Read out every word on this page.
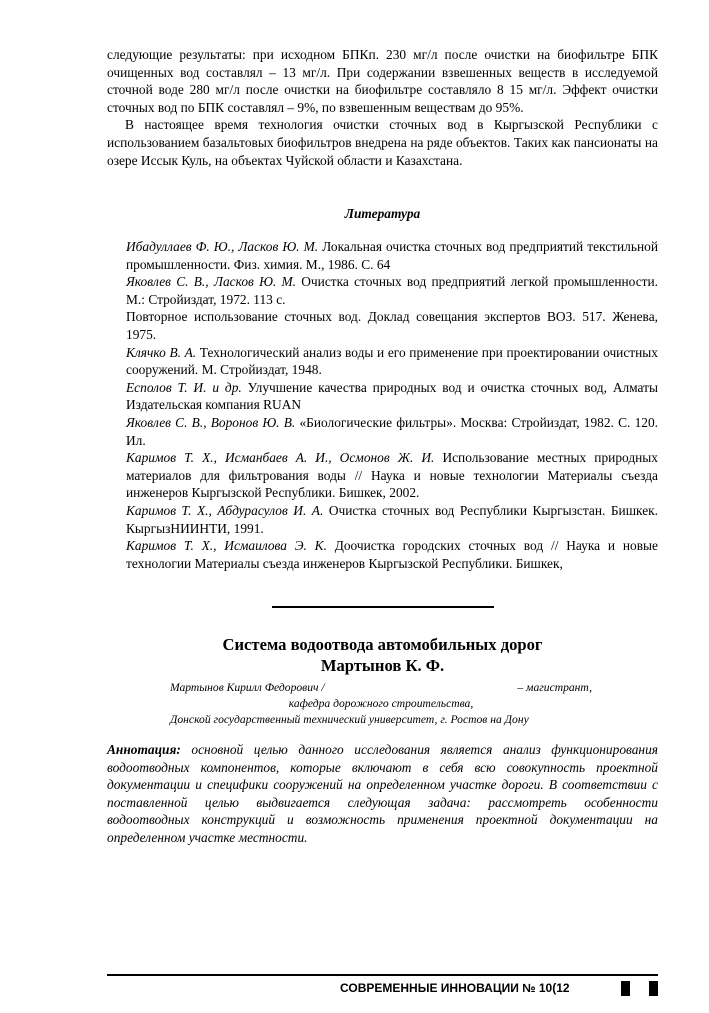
следующие результаты: при исходном БПКп. 230 мг/л после очистки на биофильтре БПК очищенных вод составлял – 13 мг/л. При содержании взвешенных веществ в исследуемой сточной воде 280 мг/л после очистки на биофильтре составляло 8 15 мг/л. Эффект очистки сточных вод по БПК составлял – 9%, по взвешенным веществам до 95%.

В настоящее время технология очистки сточных вод в Кыргызской Республики с использованием базальтовых биофильтров внедрена на ряде объектов. Таких как пансионаты на озере Иссык Куль, на объектах Чуйской области и Казахстана.

Литература

Ибадуллаев Ф. Ю., Ласков Ю. М. Локальная очистка сточных вод предприятий текстильной промышленности. Физ. химия. М., 1986. С. 64

Яковлев С. В., Ласков Ю. М. Очистка сточных вод предприятий легкой промышленности. М.: Стройиздат, 1972. 113 с.

Повторное использование сточных вод. Доклад совещания экспертов ВОЗ. 517. Женева, 1975.

Клячко В. А. Технологический анализ воды и его применение при проектировании очистных сооружений. М. Стройиздат, 1948.

Есполов Т. И. и др. Улучшение качества природных вод и очистка сточных вод, Алматы Издательская компания RUAN

Яковлев С. В., Воронов Ю. В. «Биологические фильтры». Москва: Стройиздат, 1982. С. 120. Ил.

Каримов Т. Х., Исманбаев А. И., Осмонов Ж. И. Использование местных природных материалов для фильтрования воды // Наука и новые технологии Материалы съезда инженеров Кыргызской Республики. Бишкек, 2002.

Каримов Т. Х., Абдурасулов И. А. Очистка сточных вод Республики Кыргызстан. Бишкек. КыргызНИИНТИ, 1991.

Каримов Т. Х., Исмаилова Э. К. Доочистка городских сточных вод // Наука и новые технологии Материалы съезда инженеров Кыргызской Республики. Бишкек,

Система водоотвода автомобильных дорог
Мартынов К. Ф.
Мартынов Кирилл Федорович /	– магистрант,
кафедра дорожного строительства,
Донской государственный технический университет, г. Ростов на Дону
Аннотация: основной целью данного исследования является анализ функционирования водоотводных компонентов, которые включают в себя всю совокупность проектной документации и специфики сооружений на определенном участке дороги. В соответствии с поставленной целью выдвигается следующая задача: рассмотреть особенности водоотводных конструкций и возможность применения проектной документации на определенном участке местности.
СОВРЕМЕННЫЕ ИННОВАЦИИ № 10(12
